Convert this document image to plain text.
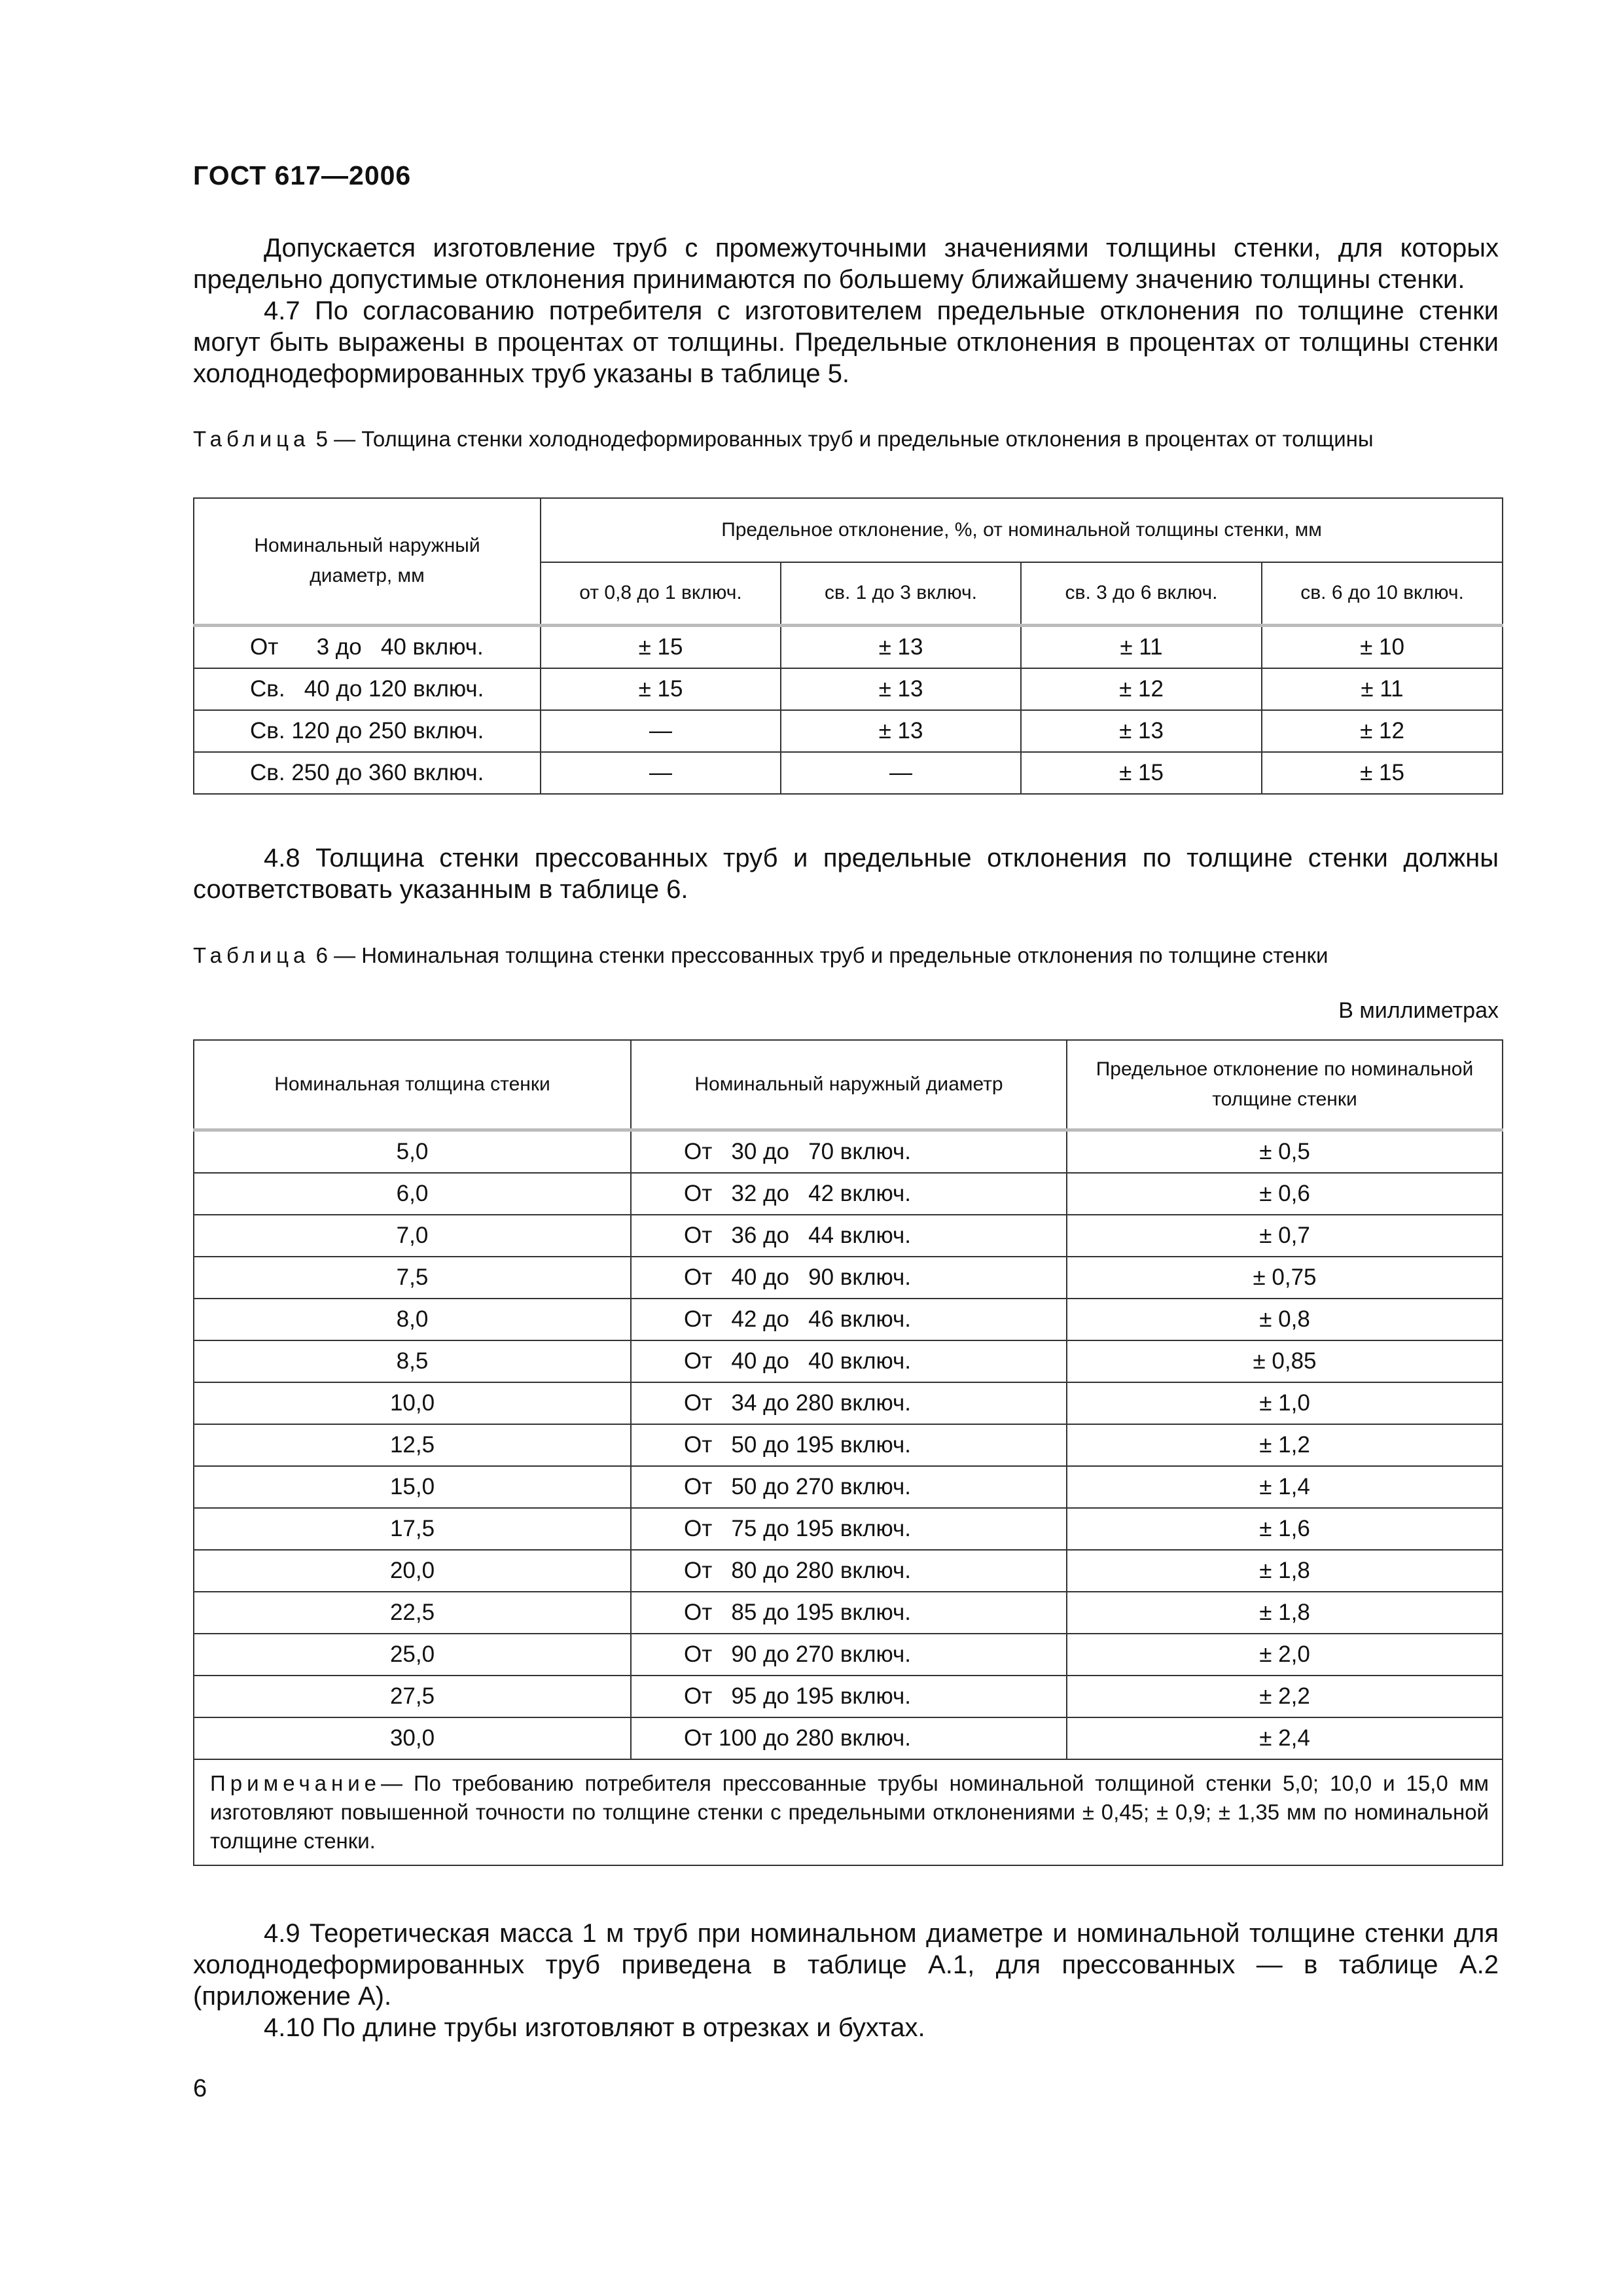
ГОСТ 617—2006

Допускается изготовление труб с промежуточными значениями толщины стенки, для которых предельно допустимые отклонения принимаются по большему ближайшему значению толщины стенки.

4.7 По согласованию потребителя с изготовителем предельные отклонения по толщине стенки могут быть выражены в процентах от толщины. Предельные отклонения в процентах от толщины стенки холоднодеформированных труб указаны в таблице 5.

Таблица 5 — Толщина стенки холоднодеформированных труб и предельные отклонения в процентах от толщины

Номинальный наружный диаметр, мм	Предельное отклонение, %, от номинальной толщины стенки, мм			
	от 0,8 до 1 включ.	св. 1 до 3 включ.	св. 3 до 6 включ.	св. 6 до 10 включ.
От      3 до   40 включ.	± 15	± 13	± 11	± 10
Св.   40 до 120 включ.	± 15	± 13	± 12	± 11
Св. 120 до 250 включ.	—	± 13	± 13	± 12
Св. 250 до 360 включ.	—	—	± 15	± 15

4.8 Толщина стенки прессованных труб и предельные отклонения по толщине стенки должны соответствовать указанным в таблице 6.

Таблица 6 — Номинальная толщина стенки прессованных труб и предельные отклонения по толщине стенки

В миллиметрах

Номинальная толщина стенки	Номинальный наружный диаметр	Предельное отклонение по номинальной толщине стенки
5,0	От   30 до   70 включ.	± 0,5
6,0	От   32 до   42 включ.	± 0,6
7,0	От   36 до   44 включ.	± 0,7
7,5	От   40 до   90 включ.	± 0,75
8,0	От   42 до   46 включ.	± 0,8
8,5	От   40 до   40 включ.	± 0,85
10,0	От   34 до 280 включ.	± 1,0
12,5	От   50 до 195 включ.	± 1,2
15,0	От   50 до 270 включ.	± 1,4
17,5	От   75 до 195 включ.	± 1,6
20,0	От   80 до 280 включ.	± 1,8
22,5	От   85 до 195 включ.	± 1,8
25,0	От   90 до 270 включ.	± 2,0
27,5	От   95 до 195 включ.	± 2,2
30,0	От 100 до 280 включ.	± 2,4
Примечание— По требованию потребителя прессованные трубы номинальной толщиной стенки 5,0; 10,0 и 15,0 мм изготовляют повышенной точности по толщине стенки с предельными отклонениями ± 0,45; ± 0,9; ± 1,35 мм по номинальной толщине стенки.		

4.9 Теоретическая масса 1 м труб при номинальном диаметре и номинальной толщине стенки для холоднодеформированных труб приведена в таблице А.1, для прессованных — в таблице А.2 (приложение А).

4.10 По длине трубы изготовляют в отрезках и бухтах.

6
